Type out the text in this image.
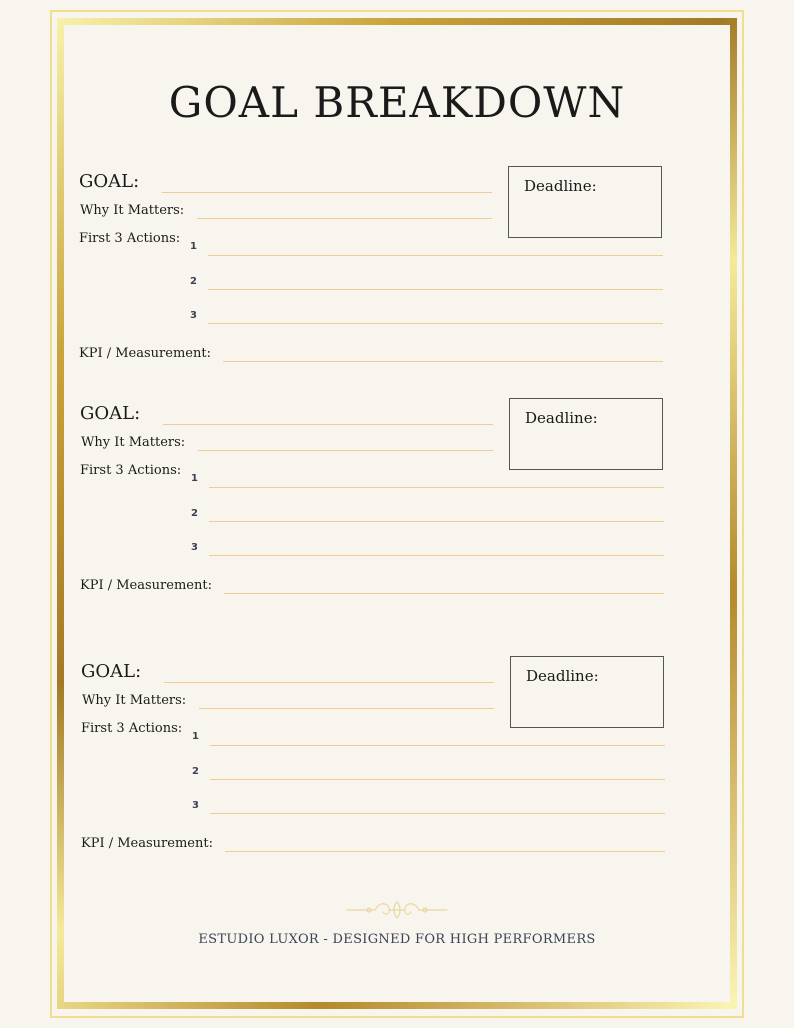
GOAL BREAKDOWN
GOAL:
Why It Matters:
First 3 Actions:
1
2
3
KPI / Measurement:
Deadline:
GOAL:
Why It Matters:
First 3 Actions:
1
2
3
KPI / Measurement:
Deadline:
GOAL:
Why It Matters:
First 3 Actions:
1
2
3
KPI / Measurement:
Deadline:
ESTUDIO LUXOR - DESIGNED FOR HIGH PERFORMERS
